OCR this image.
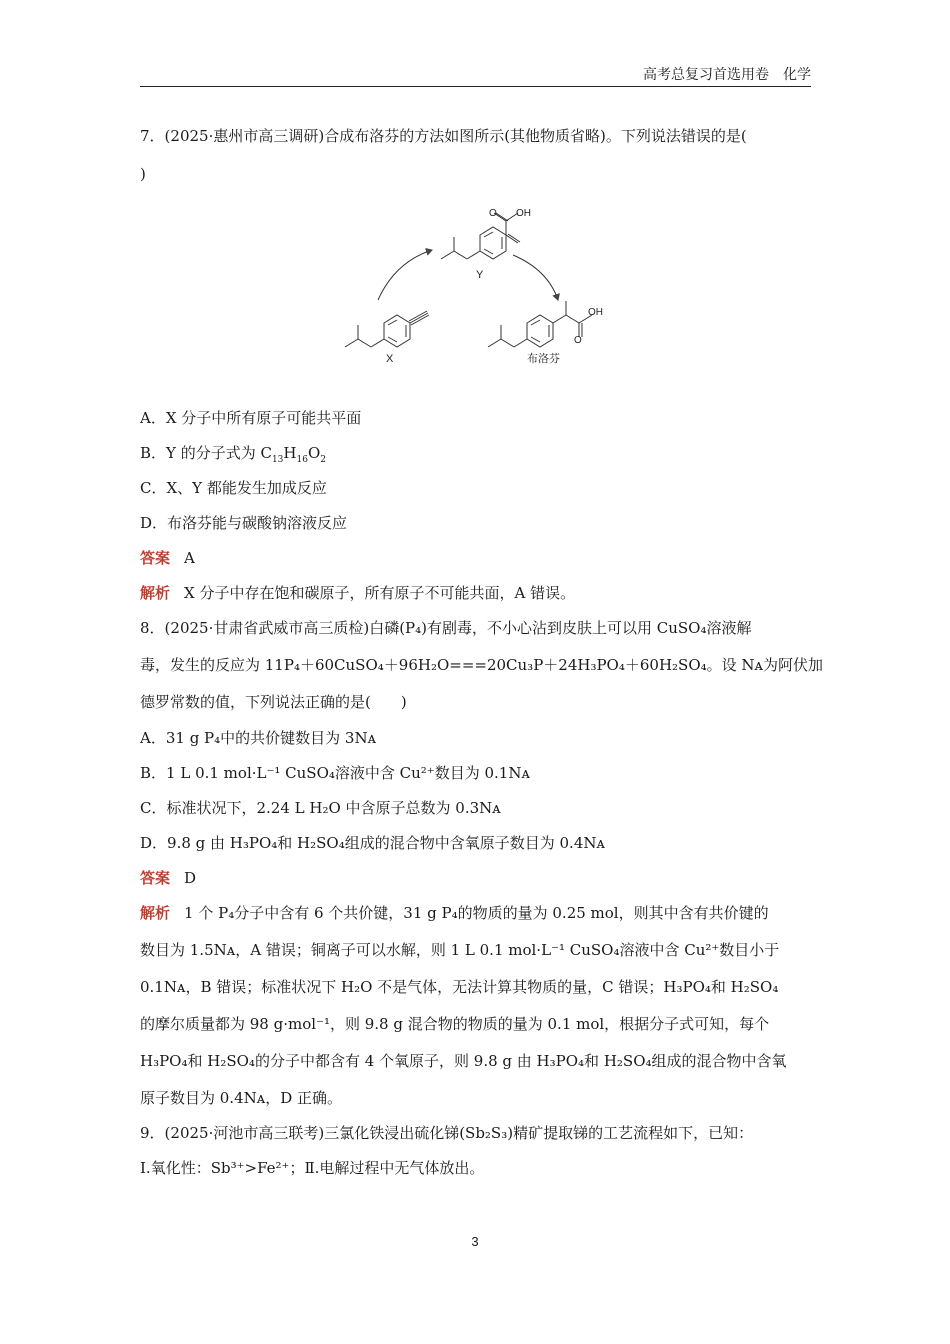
高考总复习首选用卷　化学
7．(2025·惠州市高三调研)合成布洛芬的方法如图所示(其他物质省略)。下列说法错误的是(
)
O OH
Y
X
O
OH
布洛芬
A．X 分子中所有原子可能共平面
B．Y 的分子式为 $C_{13}H_{16}O_2$
C．X、Y 都能发生加成反应
D．布洛芬能与碳酸钠溶液反应
答案 A
解析 X 分子中存在饱和碳原子，所有原子不可能共面，A 错误。
8．(2025·甘肃省武威市高三质检)白磷(P₄)有剧毒，不小心沾到皮肤上可以用 CuSO₄溶液解
毒，发生的反应为 11P₄＋60CuSO₄＋96H₂O===20Cu₃P＋24H₃PO₄＋60H₂SO₄。设 Nᴀ为阿伏加
德罗常数的值，下列说法正确的是(　　)
A．31 g P₄中的共价键数目为 3Nᴀ
B．1 L 0.1 mol·L⁻¹ CuSO₄溶液中含 Cu²⁺数目为 0.1Nᴀ
C．标准状况下，2.24 L H₂O 中含原子总数为 0.3Nᴀ
D．9.8 g 由 H₃PO₄和 H₂SO₄组成的混合物中含氧原子数目为 0.4Nᴀ
答案 D
解析 1 个 P₄分子中含有 6 个共价键，31 g P₄的物质的量为 0.25 mol，则其中含有共价键的
数目为 1.5Nᴀ，A 错误；铜离子可以水解，则 1 L 0.1 mol·L⁻¹ CuSO₄溶液中含 Cu²⁺数目小于
0.1Nᴀ，B 错误；标准状况下 H₂O 不是气体，无法计算其物质的量，C 错误；H₃PO₄和 H₂SO₄
的摩尔质量都为 98 g·mol⁻¹，则 9.8 g 混合物的物质的量为 0.1 mol，根据分子式可知，每个
H₃PO₄和 H₂SO₄的分子中都含有 4 个氧原子，则 9.8 g 由 H₃PO₄和 H₂SO₄组成的混合物中含氧
原子数目为 0.4Nᴀ，D 正确。
9．(2025·河池市高三联考)三氯化铁浸出硫化锑(Sb₂S₃)精矿提取锑的工艺流程如下，已知：
Ⅰ.氧化性：Sb³⁺>Fe²⁺；Ⅱ.电解过程中无气体放出。
3
